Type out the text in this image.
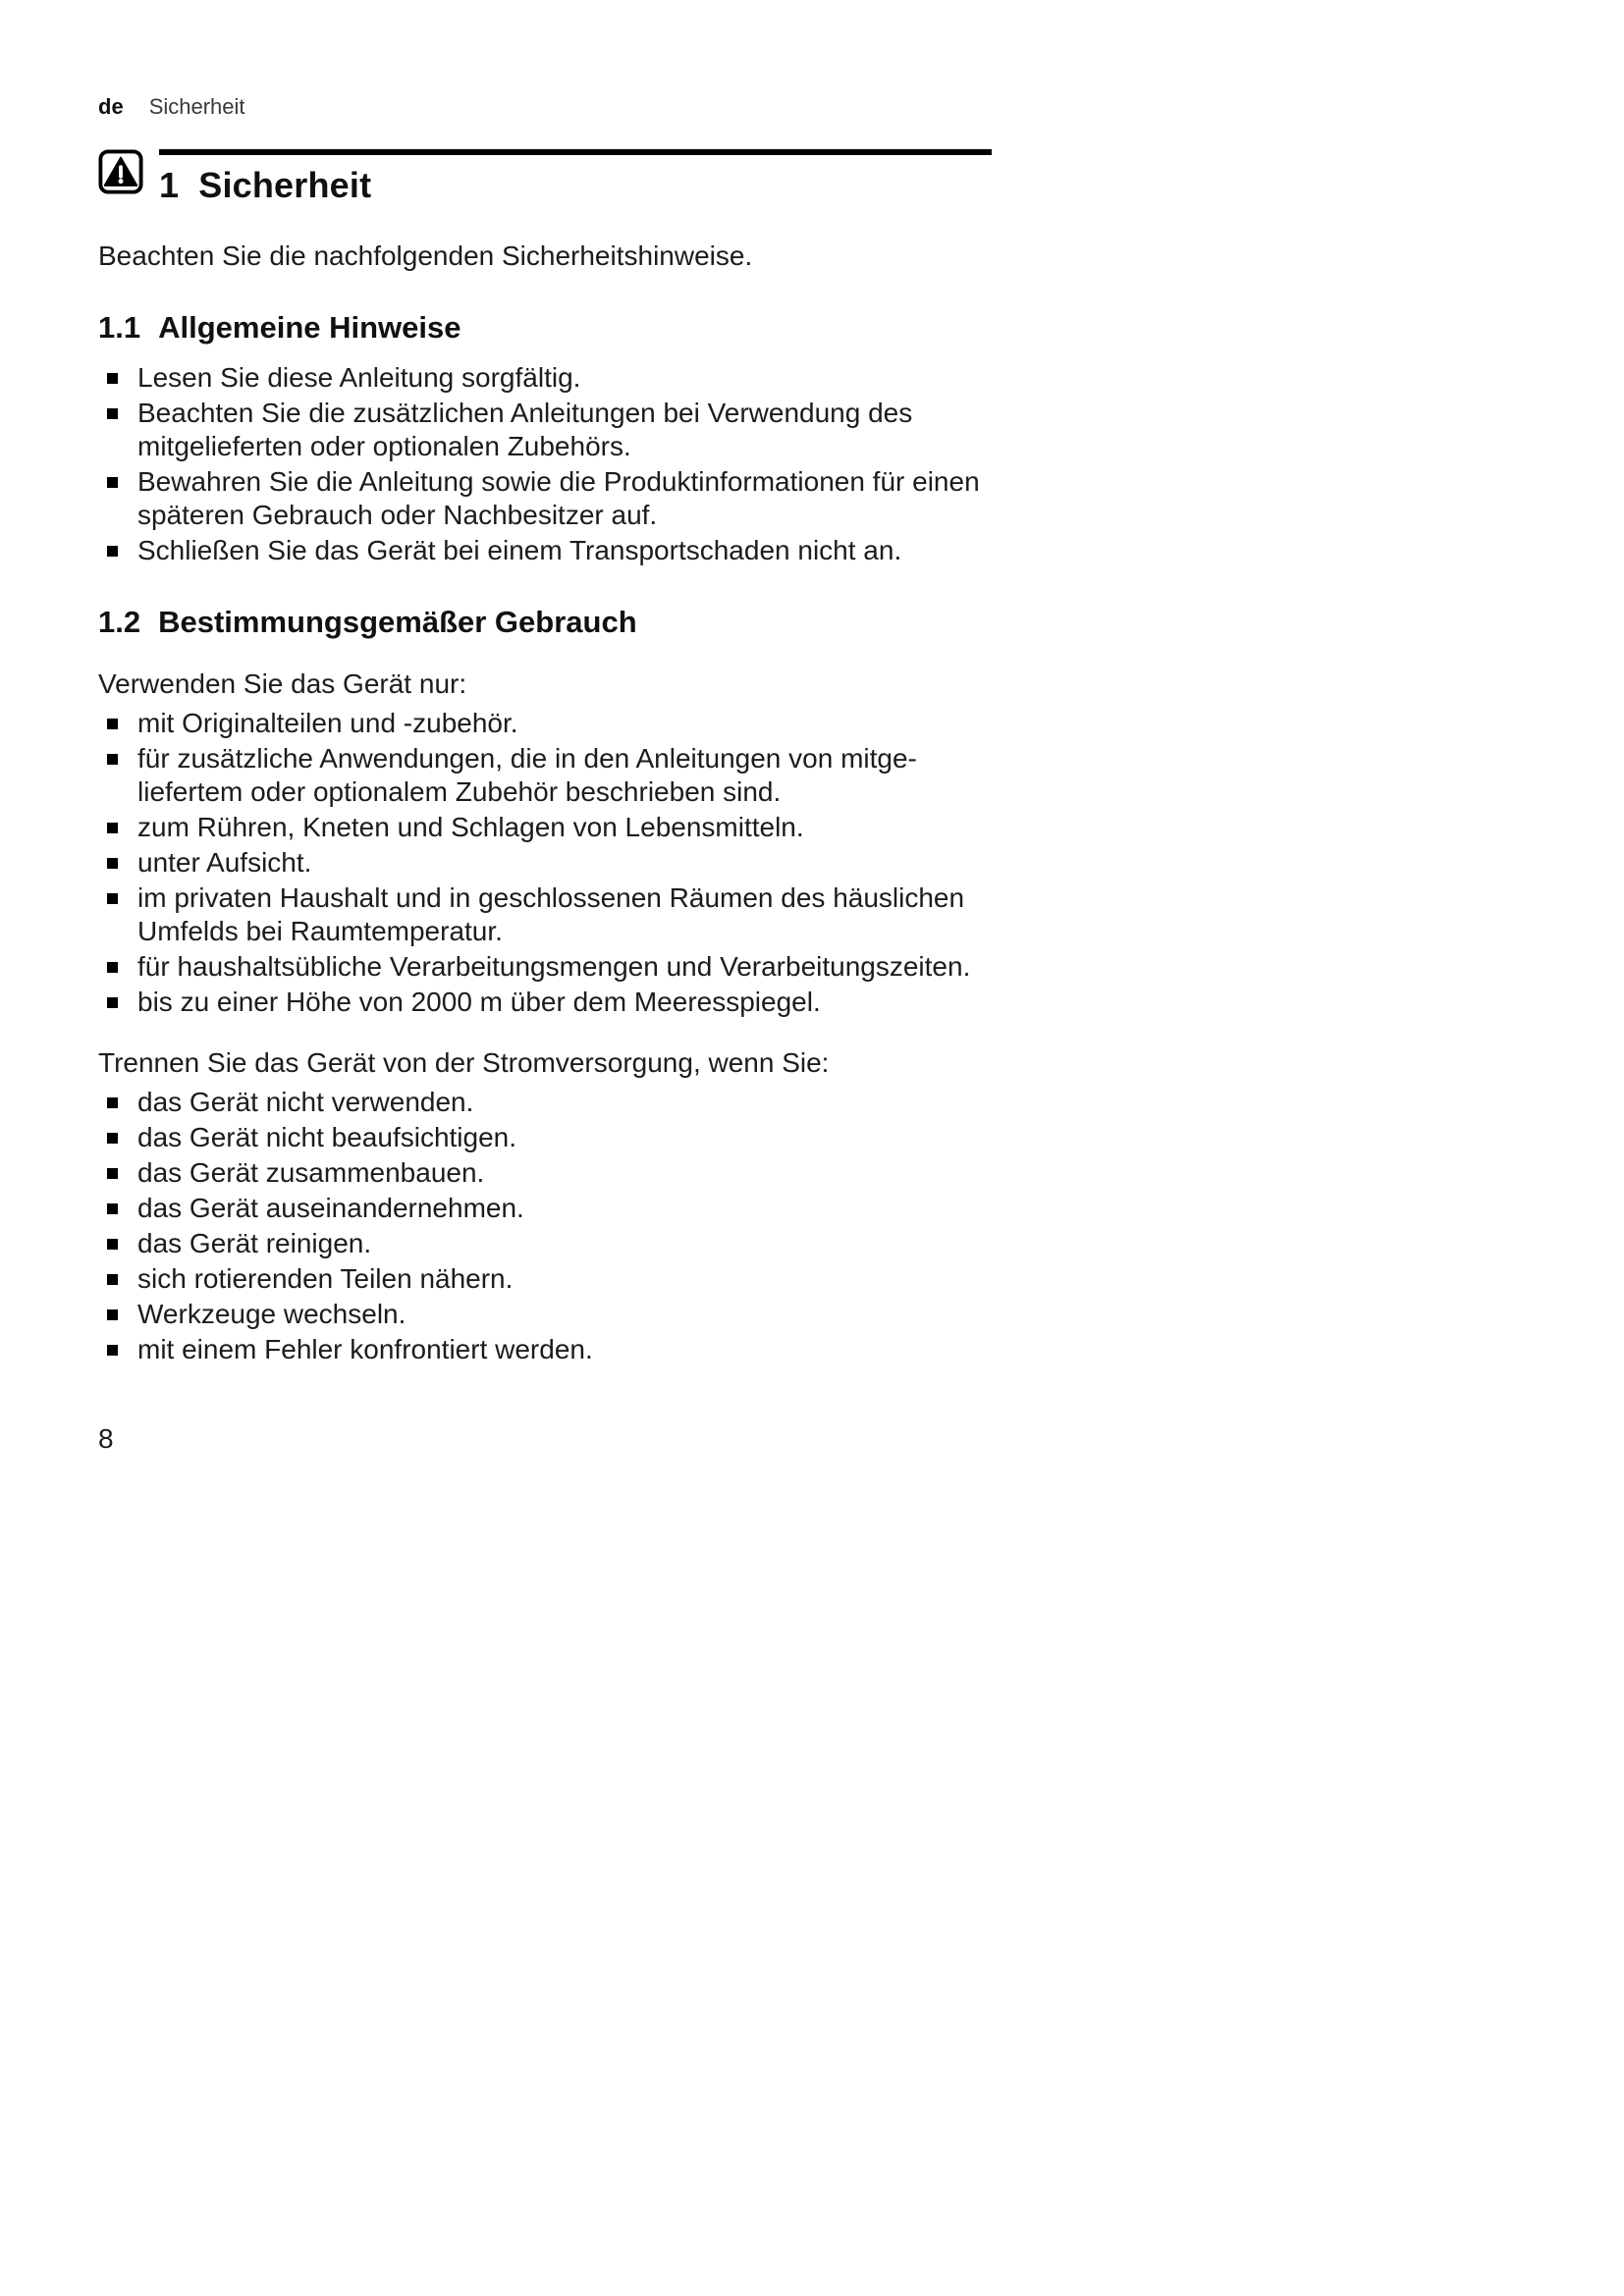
de Sicherheit
1 Sicherheit

Beachten Sie die nachfolgenden Sicherheitshinweise.

1.1 Allgemeine Hinweise
Lesen Sie diese Anleitung sorgfältig.
Beachten Sie die zusätzlichen Anleitungen bei Verwendung des mitgelieferten oder optionalen Zubehörs.
Bewahren Sie die Anleitung sowie die Produktinformationen für einen späteren Gebrauch oder Nachbesitzer auf.
Schließen Sie das Gerät bei einem Transportschaden nicht an.
1.2 Bestimmungsgemäßer Gebrauch

Verwenden Sie das Gerät nur:

mit Originalteilen und -zubehör.
für zusätzliche Anwendungen, die in den Anleitungen von mitgeliefertem oder optionalem Zubehör beschrieben sind.
zum Rühren, Kneten und Schlagen von Lebensmitteln.
unter Aufsicht.
im privaten Haushalt und in geschlossenen Räumen des häuslichen Umfelds bei Raumtemperatur.
für haushaltsübliche Verarbeitungsmengen und Verarbeitungszeiten.
bis zu einer Höhe von 2000 m über dem Meeresspiegel.

Trennen Sie das Gerät von der Stromversorgung, wenn Sie:

das Gerät nicht verwenden.
das Gerät nicht beaufsichtigen.
das Gerät zusammenbauen.
das Gerät auseinandernehmen.
das Gerät reinigen.
sich rotierenden Teilen nähern.
Werkzeuge wechseln.
mit einem Fehler konfrontiert werden.
8
